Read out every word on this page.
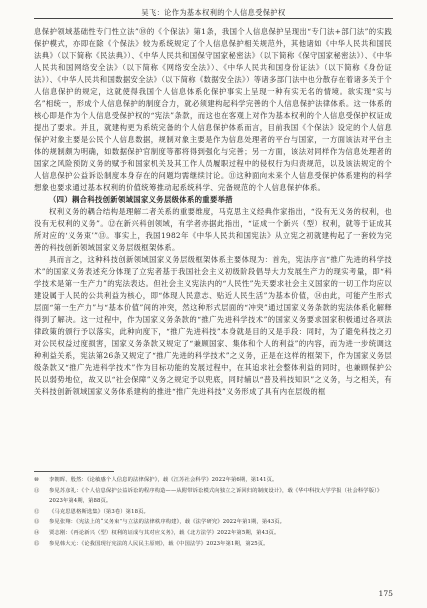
吴飞：论作为基本权利的个人信息受保护权

息保护领域基础性专门性立法”⑩的《个保法》第1条，我国个人信息保护呈现出“专门法+部门法”的实践保护模式，亦即在除《个保法》较为系统规定了个人信息保护相关规范外，其他诸如《中华人民共和国民法典》（以下简称《民法典》）、《中华人民共和国保守国家秘密法》（以下简称《保守国家秘密法》）、《中华人民共和国网络安全法》（以下简称《网络安全法》）、《中华人民共和国身份证法》（以下简称《身份证法》）、《中华人民共和国数据安全法》（以下简称《数据安全法》）等诸多部门法中也分散存在着诸多关于个人信息保护的规定，这就使得我国个人信息体系化保护事实上呈现一种有实无名的情境。欲实现“实与名”相统一，形成个人信息保护的制度合力，就必须建构起科学完善的个人信息保护法律体系。这一体系的核心即是作为个人信息受保护权的“宪法”条款，而这也在客观上对作为基本权利的个人信息受保护权证成提出了要求。并且，就建构更为系统完备的个人信息保护体系而言，目前我国《个保法》设定的个人信息保护对象主要是公民个人信息数据，规制对象主要是作为信息处理者的平台与国家，一方面该法对平台主体的规制颇为明确，如数据保护官制度等都将得到强化与完善；另一方面，该法对同样作为信息处理者的国家之风险预防义务的赋予和国家机关及其工作人员履职过程中的侵权行为归责规范，以及该法规定的个人信息保护公益诉讼制度本身存在的问题均需继续讨论。⑪这种面向未来个人信息受保护体系建构的科学想象也要求通过基本权利的价值统筹推动起系统科学、完备规范的个人信息保护体系。

（四）耦合科技创新领域国家义务层级体系的重要举措

权利义务的耦合结构是理解二者关系的重要维度，马克思主义经典作家指出，“没有无义务的权利，也没有无权利的义务”。⑫在新兴科创领域，有学者亦据此指出，“证成一个新兴（型）权利，就等于证成其所对应的‘义务束’”⑬。事实上，我国1982年《中华人民共和国宪法》从立宪之初就建构起了一套较为完善的科技创新领域国家义务层级框架体系。

具而言之，这种科技创新领域国家义务层级框架体系主要体现为：首先，宪法序言“推广先进的科学技术”的国家义务表述充分体现了立宪者基于我国社会主义初级阶段倡导大力发展生产力的现实考量，即“科学技术是第一生产力”的宪法表达。但社会主义宪法内的“人民性”先天要求社会主义国家的一切工作均应以建设属于人民的公共利益为核心，即“体现人民意志、贴近人民生活”为基本价值，⑭由此，可能产生形式层面“第一生产力”与“基本价值”间的冲突，然这种形式层面的“冲突”通过国家义务条款的宪法体系化解释得到了解决。这一过程中，作为国家义务条款的“推广先进科学技术”的国家义务要求国家积极通过各项法律政策的颁行予以落实，此种向度下，“推广先进科技”本身就是目的又是手段：同时，为了避免科技之刃对公民权益过度损害，国家义务条款又规定了“兼顾国家、集体和个人的利益”的内容，而为进一步统调这种利益关系，宪法第26条又规定了“推广先进的科学技术”之义务，正是在这样的框架下，作为国家义务层级条款又“推广先进科学技术”作为目标功能的发展过程中，在其追求社会整体利益的同时，也兼顾保护公民以弱势地位，故又以“社会保障”义务之规定予以兜底，同时辅以“普及科技知识”之义务，与之相关，有关科技创新领域国家义务体系建构的推进“推广先进科技”义务形成了具有内在层级的框

⑩	李朝晖、殷然：《论敏感个人信息的法律保护》，载《江苏社会科学》2022年第6期，第141页。
⑪	参见苏彦礼：《个人信息保护公益诉讼的程序构造——从附带诉讼模式向独立之诉回归的制度设计》，载《华中科技大学学报（社会科学版）》2023年第4期，第88页。
⑫	《马克思恩格斯选集》（第3卷）第18页。
⑬	参见张翔：《宪法上的“义务束”与立法的法律秩序构建》，载《法学研究》2022年第1期，第43页。
⑭	贾志刚：《再论新兴（型）权利的证成与其对应义务》，载《北方法学》2022年第5期，第43页。
⑮	参见韩大元：《论我国现行宪法的人民民主原则》，载《中国法学》2023年第1期，第25页。
175
